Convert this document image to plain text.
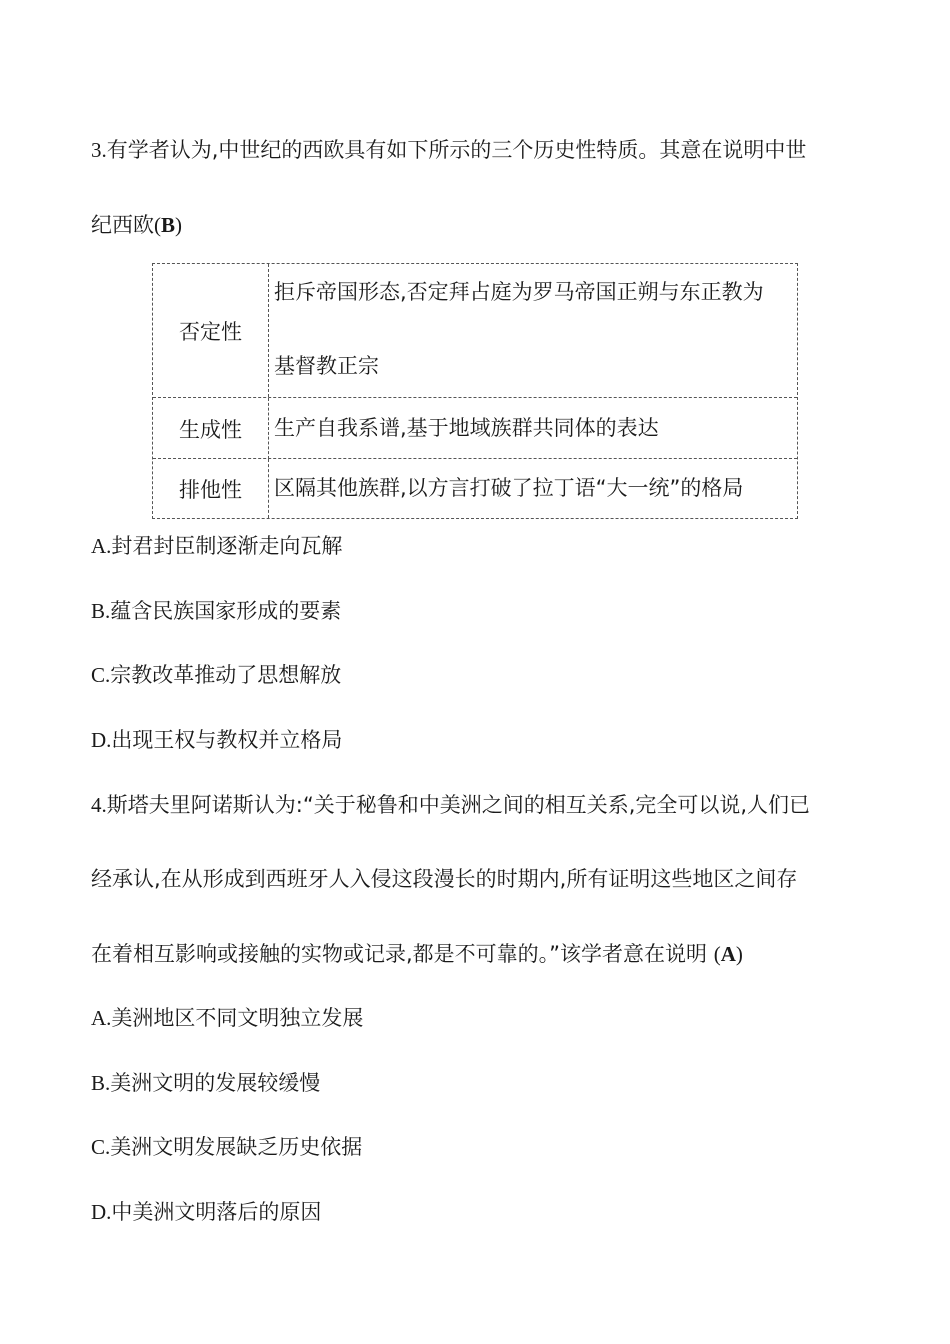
3.有学者认为,中世纪的西欧具有如下所示的三个历史性特质。其意在说明中世
纪西欧(B)
否定性
拒斥帝国形态,否定拜占庭为罗马帝国正朔与东正教为
基督教正宗
生成性	生产自我系谱,基于地域族群共同体的表达
排他性	区隔其他族群,以方言打破了拉丁语“大一统”的格局
A.封君封臣制逐渐走向瓦解
B.蕴含民族国家形成的要素
C.宗教改革推动了思想解放
D.出现王权与教权并立格局
4.斯塔夫里阿诺斯认为:“关于秘鲁和中美洲之间的相互关系,完全可以说,人们已
经承认,在从形成到西班牙人入侵这段漫长的时期内,所有证明这些地区之间存
在着相互影响或接触的实物或记录,都是不可靠的。”该学者意在说明 (A)
A.美洲地区不同文明独立发展
B.美洲文明的发展较缓慢
C.美洲文明发展缺乏历史依据
D.中美洲文明落后的原因
